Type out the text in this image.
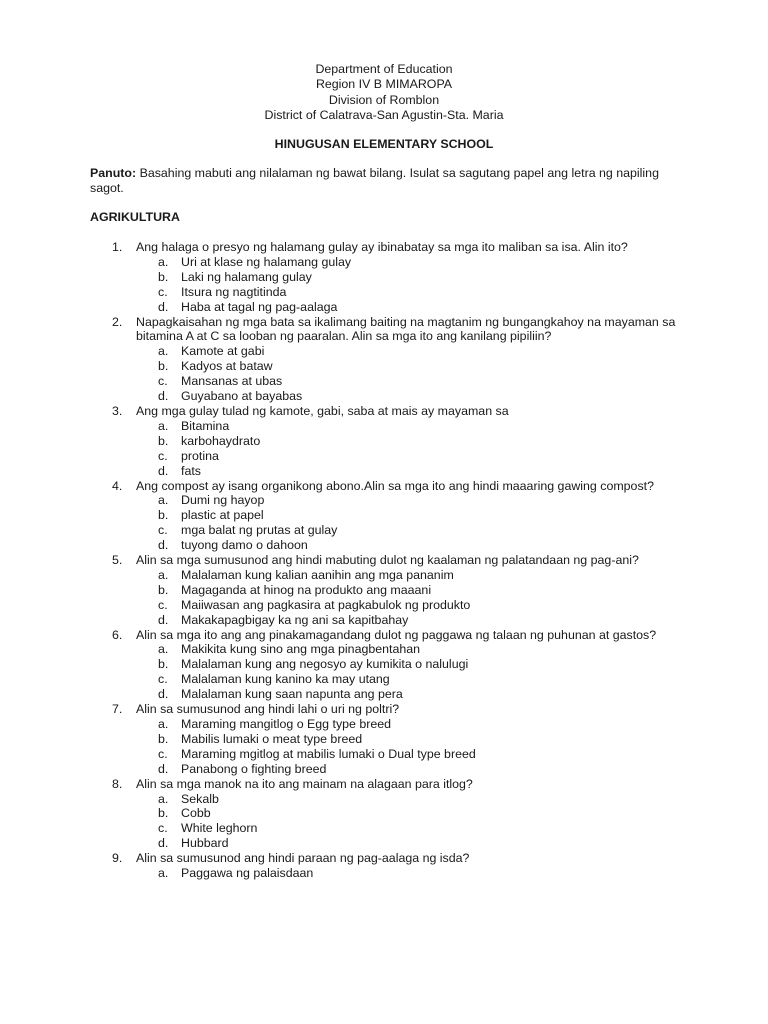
Department of Education
Region IV B MIMAROPA
Division of Romblon
District of Calatrava-San Agustin-Sta. Maria
HINUGUSAN ELEMENTARY SCHOOL
Panuto: Basahing mabuti ang nilalaman ng bawat bilang. Isulat sa sagutang papel ang letra ng napiling sagot.
AGRIKULTURA
1.	Ang halaga o presyo ng halamang gulay ay ibinabatay sa mga ito maliban sa isa. Alin ito?
a. Uri at klase ng halamang gulay
b. Laki ng halamang gulay
c. Itsura ng nagtitinda
d. Haba at tagal ng pag-aalaga
2.	Napagkaisahan ng mga bata sa ikalimang baiting na magtanim ng bungangkahoy na mayaman sa bitamina A at C sa looban ng paaralan. Alin sa mga ito ang kanilang pipiliin?
a. Kamote at gabi
b. Kadyos at bataw
c. Mansanas at ubas
d. Guyabano at bayabas
3.	Ang mga gulay tulad ng kamote, gabi, saba at mais ay mayaman sa
a. Bitamina
b. karbohaydrato
c. protina
d. fats
4.	Ang compost ay isang organikong abono.Alin sa mga ito ang hindi maaaring gawing compost?
a. Dumi ng hayop
b. plastic at papel
c. mga balat ng prutas at gulay
d. tuyong damo o dahoon
5.	Alin sa mga sumusunod ang hindi mabuting dulot ng kaalaman ng palatandaan ng pag-ani?
a. Malalaman kung kalian aanihin ang mga pananim
b. Magaganda at hinog na produkto ang maaani
c. Maiiwasan ang pagkasira at pagkabulok ng produkto
d. Makakapagbigay ka ng ani sa kapitbahay
6.	Alin sa mga ito ang ang pinakamagandang dulot ng paggawa ng talaan ng puhunan at gastos?
a. Makikita kung sino ang mga pinagbentahan
b. Malalaman kung ang negosyo ay kumikita o nalulugi
c. Malalaman kung kanino ka may utang
d. Malalaman kung saan napunta ang pera
7.	Alin sa sumusunod ang hindi lahi o uri ng poltri?
a. Maraming mangitlog o Egg type breed
b. Mabilis lumaki o meat type breed
c. Maraming mgitlog at mabilis lumaki o Dual type breed
d. Panabong o fighting breed
8.	Alin sa mga manok na ito ang mainam na alagaan para itlog?
a. Sekalb
b. Cobb
c. White leghorn
d. Hubbard
9.	Alin sa sumusunod ang hindi paraan ng pag-aalaga ng isda?
a. Paggawa ng palaisdaan
